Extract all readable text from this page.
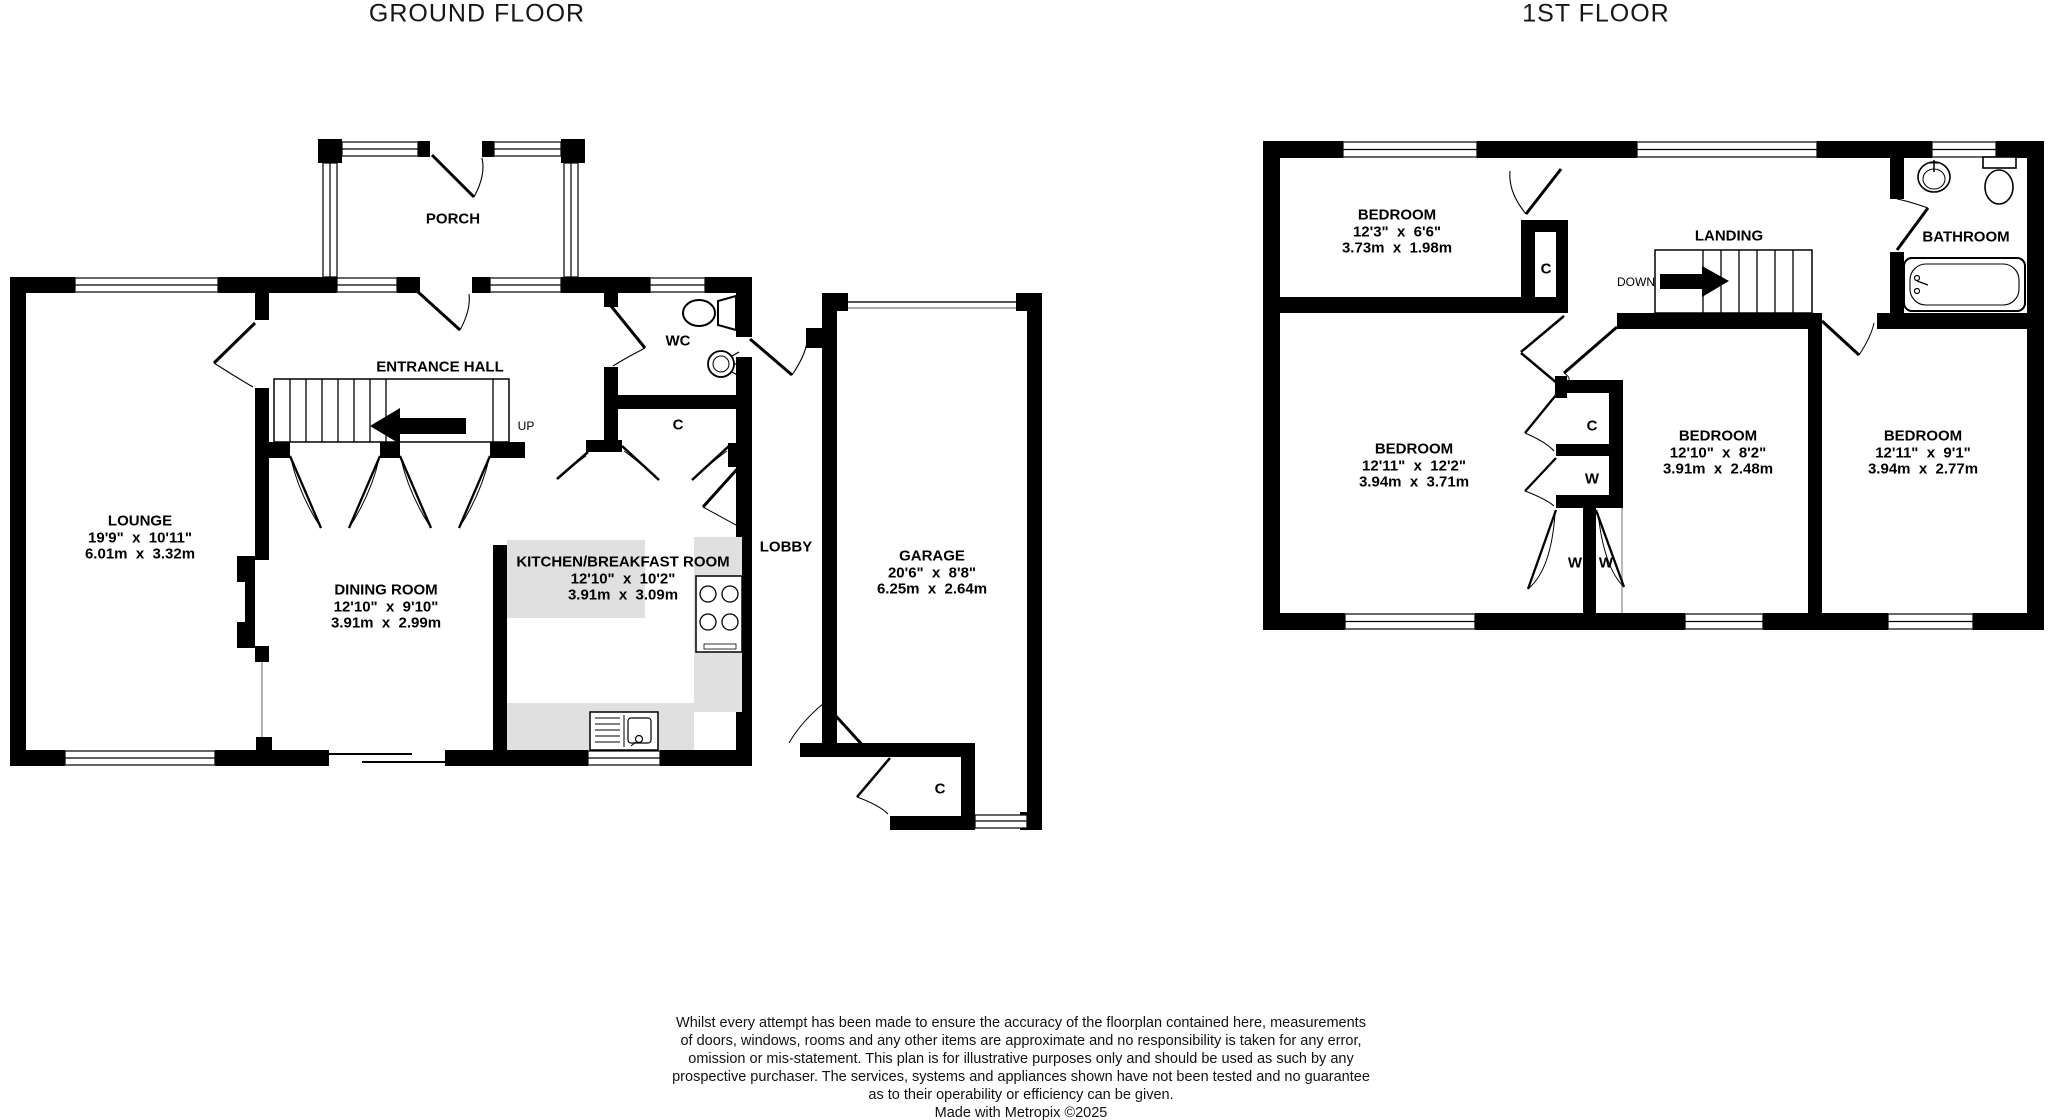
GROUND FLOOR	1ST FLOOR
PORCH
ENTRANCE HALL
UP
WC
C
LOBBY
C
LOUNGE
19'9"  x  10'11"
6.01m  x  3.32m
DINING ROOM
12'10"  x  9'10"
3.91m  x  2.99m
KITCHEN/BREAKFAST ROOM
12'10"  x  10'2"
3.91m  x  3.09m
GARAGE
20'6"  x  8'8"
6.25m  x  2.64m
LANDING
DOWN
BATHROOM
C
C
W
W W
BEDROOM
12'3"  x  6'6"
3.73m  x  1.98m
BEDROOM
12'11"  x  12'2"
3.94m  x  3.71m
BEDROOM
12'10"  x  8'2"
3.91m  x  2.48m
BEDROOM
12'11"  x  9'1"
3.94m  x  2.77m
Whilst every attempt has been made to ensure the accuracy of the floorplan contained here, measurements
of doors, windows, rooms and any other items are approximate and no responsibility is taken for any error,
omission or mis-statement. This plan is for illustrative purposes only and should be used as such by any
prospective purchaser. The services, systems and appliances shown have not been tested and no guarantee
as to their operability or efficiency can be given.
Made with Metropix ©2025
